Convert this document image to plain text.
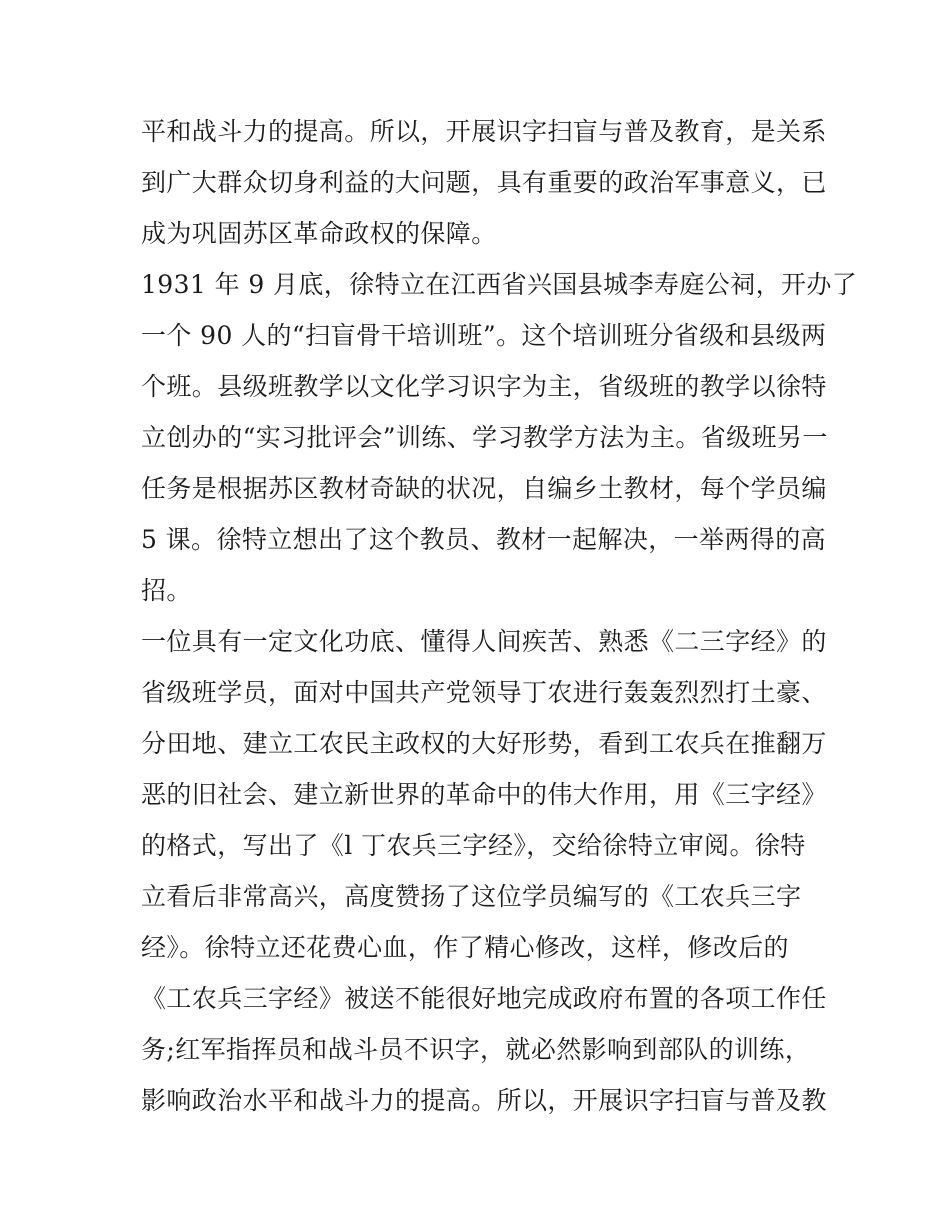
平和战斗力的提高。所以，开展识字扫盲与普及教育，是关系
到广大群众切身利益的大问题，具有重要的政治军事意义，已
成为巩固苏区革命政权的保障。
1931 年 9 月底，徐特立在江西省兴国县城李寿庭公祠，开办了
一个 90 人的“扫盲骨干培训班”。这个培训班分省级和县级两
个班。县级班教学以文化学习识字为主，省级班的教学以徐特
立创办的“实习批评会”训练、学习教学方法为主。省级班另一
任务是根据苏区教材奇缺的状况，自编乡土教材，每个学员编
5 课。徐特立想出了这个教员、教材一起解决，一举两得的高
招。
一位具有一定文化功底、懂得人间疾苦、熟悉《二三字经》的
省级班学员，面对中国共产党领导丁农进行轰轰烈烈打土豪、
分田地、建立工农民主政权的大好形势，看到工农兵在推翻万
恶的旧社会、建立新世界的革命中的伟大作用，用《三字经》
的格式，写出了《l 丁农兵三字经》，交给徐特立审阅。徐特
立看后非常高兴，高度赞扬了这位学员编写的《工农兵三字
经》。徐特立还花费心血，作了精心修改，这样，修改后的
《工农兵三字经》被送不能很好地完成政府布置的各项工作任
务;红军指挥员和战斗员不识字，就必然影响到部队的训练，
影响政治水平和战斗力的提高。所以，开展识字扫盲与普及教
